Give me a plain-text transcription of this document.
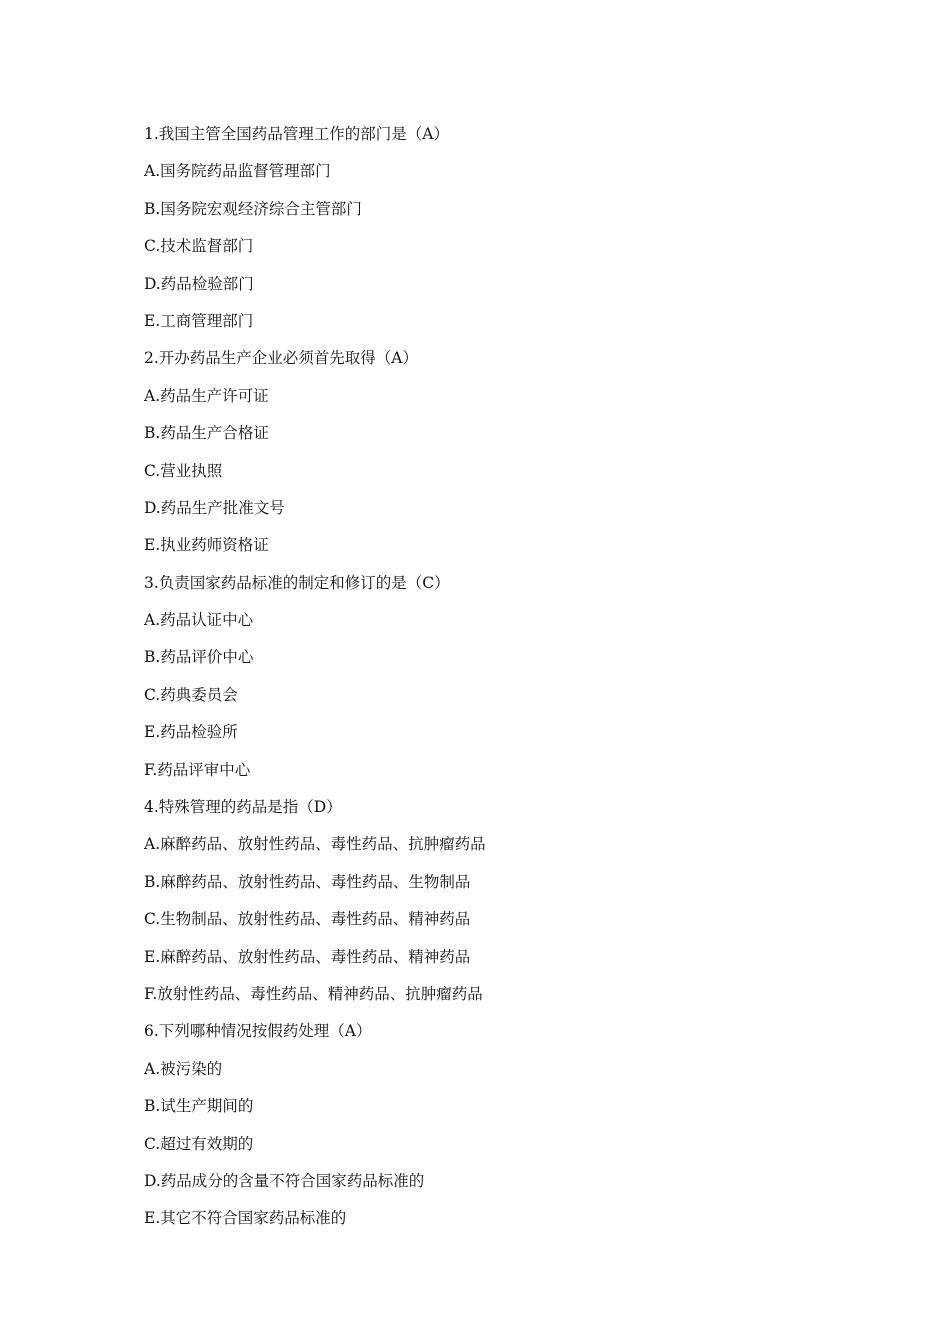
1.我国主管全国药品管理工作的部门是（A）
A.国务院药品监督管理部门
B.国务院宏观经济综合主管部门
C.技术监督部门
D.药品检验部门
E.工商管理部门
2.开办药品生产企业必须首先取得（A）
A.药品生产许可证
B.药品生产合格证
C.营业执照
D.药品生产批准文号
E.执业药师资格证
3.负责国家药品标准的制定和修订的是（C）
A.药品认证中心
B.药品评价中心
C.药典委员会
E.药品检验所
F.药品评审中心
4.特殊管理的药品是指（D）
A.麻醉药品、放射性药品、毒性药品、抗肿瘤药品
B.麻醉药品、放射性药品、毒性药品、生物制品
C.生物制品、放射性药品、毒性药品、精神药品
E.麻醉药品、放射性药品、毒性药品、精神药品
F.放射性药品、毒性药品、精神药品、抗肿瘤药品
6.下列哪种情况按假药处理（A）
A.被污染的
B.试生产期间的
C.超过有效期的
D.药品成分的含量不符合国家药品标准的
E.其它不符合国家药品标准的
